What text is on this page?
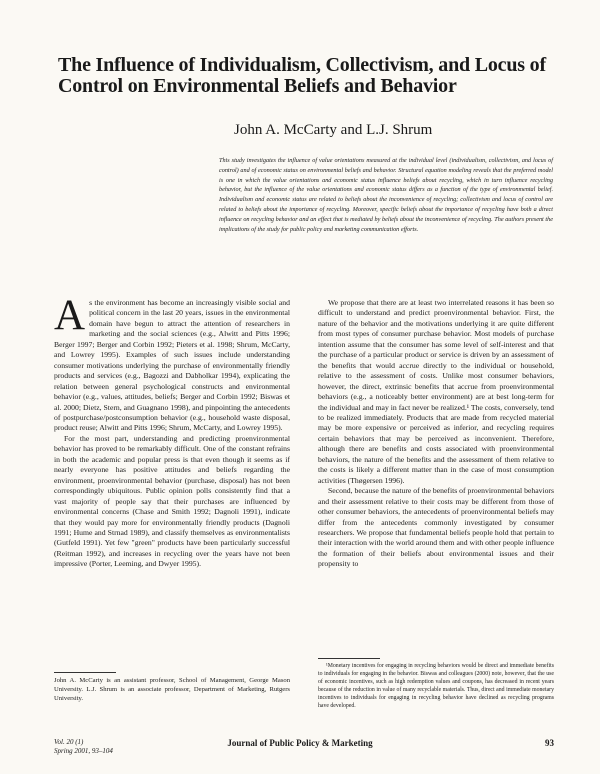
The Influence of Individualism, Collectivism, and Locus of Control on Environmental Beliefs and Behavior
John A. McCarty and L.J. Shrum
This study investigates the influence of value orientations measured at the individual level (individualism, collectivism, and locus of control) and of economic status on environmental beliefs and behavior. Structural equation modeling reveals that the preferred model is one in which the value orientations and economic status influence beliefs about recycling, which in turn influence recycling behavior, but the influence of the value orientations and economic status differs as a function of the type of environmental belief. Individualism and economic status are related to beliefs about the inconvenience of recycling; collectivism and locus of control are related to beliefs about the importance of recycling. Moreover, specific beliefs about the importance of recycling have both a direct influence on recycling behavior and an effect that is mediated by beliefs about the inconvenience of recycling. The authors present the implications of the study for public policy and marketing communication efforts.

As the environment has become an increasingly visible social and political concern in the last 20 years, issues in the environmental domain have begun to attract the attention of researchers in marketing and the social sciences (e.g., Alwitt and Pitts 1996; Berger 1997; Berger and Corbin 1992; Pieters et al. 1998; Shrum, McCarty, and Lowrey 1995). Examples of such issues include understanding consumer motivations underlying the purchase of environmentally friendly products and services (e.g., Bagozzi and Dabholkar 1994), explicating the relation between general psychological constructs and environmental behavior (e.g., values, attitudes, beliefs; Berger and Corbin 1992; Biswas et al. 2000; Dietz, Stern, and Guagnano 1998), and pinpointing the antecedents of postpurchase/postconsumption behavior (e.g., household waste disposal, product reuse; Alwitt and Pitts 1996; Shrum, McCarty, and Lowrey 1995).

For the most part, understanding and predicting proenvironmental behavior has proved to be remarkably difficult. One of the constant refrains in both the academic and popular press is that even though it seems as if nearly everyone has positive attitudes and beliefs regarding the environment, proenvironmental behavior (purchase, disposal) has not been correspondingly ubiquitous. Public opinion polls consistently find that a vast majority of people say that their purchases are influenced by environmental concerns (Chase and Smith 1992; Dagnoli 1991), indicate that they would pay more for environmentally friendly products (Dagnoli 1991; Hume and Strnad 1989), and classify themselves as environmentalists (Gutfeld 1991). Yet few "green" products have been particularly successful (Reitman 1992), and increases in recycling over the years have not been impressive (Porter, Leeming, and Dwyer 1995).

We propose that there are at least two interrelated reasons it has been so difficult to understand and predict proenvironmental behavior. First, the nature of the behavior and the motivations underlying it are quite different from most types of consumer purchase behavior. Most models of purchase intention assume that the consumer has some level of self-interest and that the purchase of a particular product or service is driven by an assessment of the benefits that would accrue directly to the individual or household, relative to the assessment of costs. Unlike most consumer behaviors, however, the direct, extrinsic benefits that accrue from proenvironmental behaviors (e.g., a noticeably better environment) are at best long-term for the individual and may in fact never be realized.¹ The costs, conversely, tend to be realized immediately. Products that are made from recycled material may be more expensive or perceived as inferior, and recycling requires certain behaviors that may be perceived as inconvenient. Therefore, although there are benefits and costs associated with proenvironmental behaviors, the nature of the benefits and the assessment of them relative to the costs is likely a different matter than in the case of most consumption activities (Thøgersen 1996).

Second, because the nature of the benefits of proenvironmental behaviors and their assessment relative to their costs may be different from those of other consumer behaviors, the antecedents of proenvironmental beliefs may differ from the antecedents commonly investigated by consumer researchers. We propose that fundamental beliefs people hold that pertain to their interaction with the world around them and with other people influence the formation of their beliefs about environmental issues and their propensity to

John A. McCarty is an assistant professor, School of Management, George Mason University. L.J. Shrum is an associate professor, Department of Marketing, Rutgers University.
¹Monetary incentives for engaging in recycling behaviors would be direct and immediate benefits to individuals for engaging in the behavior. Biswas and colleagues (2000) note, however, that the use of economic incentives, such as high redemption values and coupons, has decreased in recent years because of the reduction in value of many recyclable materials. Thus, direct and immediate monetary incentives to individuals for engaging in recycling behavior have declined as recycling programs have developed.
Vol. 20 (1)
Spring 2001, 93–104
Journal of Public Policy & Marketing	93
